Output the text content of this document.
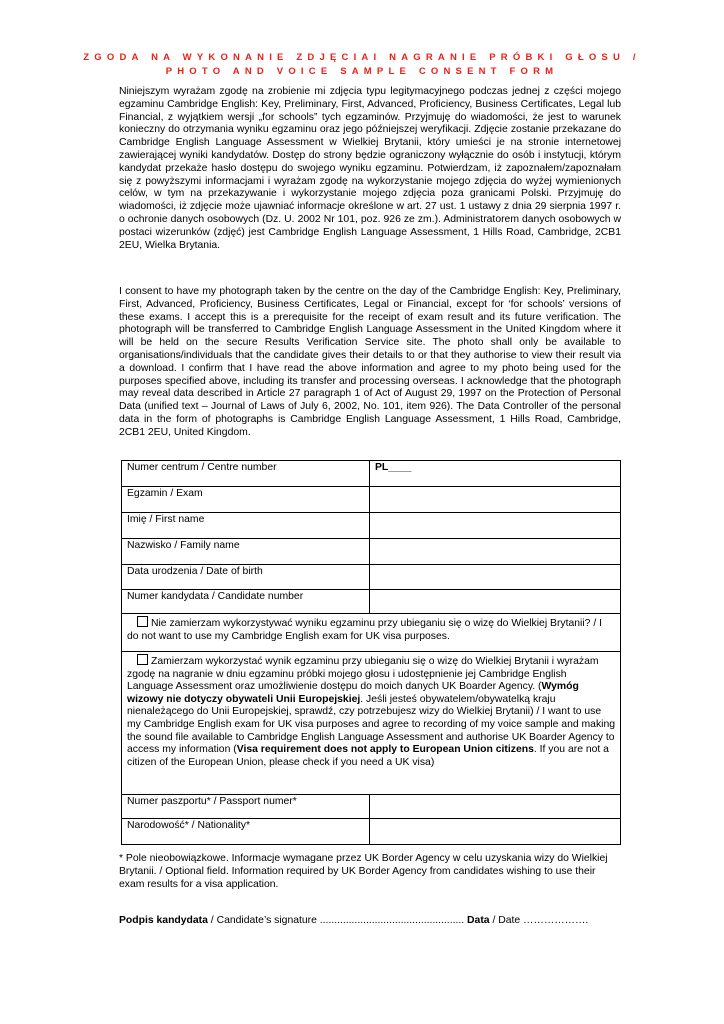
ZGODA NA WYKONANIE ZDJĘCIAI NAGRANIE PRÓBKI GŁOSU /
PHOTO AND VOICE SAMPLE CONSENT FORM

Niniejszym wyrażam zgodę na zrobienie mi zdjęcia typu legitymacyjnego podczas jednej z części mojego egzaminu Cambridge English: Key, Preliminary, First, Advanced, Proficiency, Business Certificates, Legal lub Financial, z wyjątkiem wersji „for schools” tych egzaminów. Przyjmuję do wiadomości, że jest to warunek konieczny do otrzymania wyniku egzaminu oraz jego późniejszej weryfikacji. Zdjęcie zostanie przekazane do Cambridge English Language Assessment w Wielkiej Brytanii, który umieści je na stronie internetowej zawierającej wyniki kandydatów. Dostęp do strony będzie ograniczony wyłącznie do osób i instytucji, którym kandydat przekaże hasło dostępu do swojego wyniku egzaminu. Potwierdzam, iż zapoznałem/zapoznałam się z powyższymi informacjami i wyrażam zgodę na wykorzystanie mojego zdjęcia do wyżej wymienionych celów, w tym na przekazywanie i wykorzystanie mojego zdjęcia poza granicami Polski. Przyjmuję do wiadomości, iż zdjęcie może ujawniać informacje określone w art. 27 ust. 1 ustawy z dnia 29 sierpnia 1997 r. o ochronie danych osobowych (Dz. U. 2002 Nr 101, poz. 926 ze zm.). Administratorem danych osobowych w postaci wizerunków (zdjęć) jest Cambridge English Language Assessment, 1 Hills Road, Cambridge, 2CB1 2EU, Wielka Brytania.

I consent to have my photograph taken by the centre on the day of the Cambridge English: Key, Preliminary, First, Advanced, Proficiency, Business Certificates, Legal or Financial, except for ‘for schools’ versions of these exams. I accept this is a prerequisite for the receipt of exam result and its future verification. The photograph will be transferred to Cambridge English Language Assessment in the United Kingdom where it will be held on the secure Results Verification Service site. The photo shall only be available to organisations/individuals that the candidate gives their details to or that they authorise to view their result via a download. I confirm that I have read the above information and agree to my photo being used for the purposes specified above, including its transfer and processing overseas. I acknowledge that the photograph may reveal data described in Article 27 paragraph 1 of Act of August 29, 1997 on the Protection of Personal Data (unified text – Journal of Laws of July 6, 2002, No. 101, item 926). The Data Controller of the personal data in the form of photographs is Cambridge English Language Assessment, 1 Hills Road, Cambridge, 2CB1 2EU, United Kingdom.

Numer centrum / Centre number	PL____
Egzamin / Exam	
Imię / First name	
Nazwisko / Family name	
Data urodzenia / Date of birth	
Numer kandydata / Candidate number	
Nie zamierzam wykorzystywać wyniku egzaminu przy ubieganiu się o wizę do Wielkiej Brytanii? / I do not want to use my Cambridge English exam for UK visa purposes.	
Zamierzam wykorzystać wynik egzaminu przy ubieganiu się o wizę do Wielkiej Brytanii i wyrażam zgodę na nagranie w dniu egzaminu próbki mojego głosu i udostępnienie jej Cambridge English Language Assessment oraz umożliwienie dostępu do moich danych UK Boarder Agency. (Wymóg wizowy nie dotyczy obywateli Unii Europejskiej. Jeśli jesteś obywatelem/obywatelką kraju nienależącego do Unii Europejskiej, sprawdź, czy potrzebujesz wizy do Wielkiej Brytanii) / I want to use my Cambridge English exam for UK visa purposes and agree to recording of my voice sample and making the sound file available to Cambridge English Language Assessment and authorise UK Boarder Agency to access my information (Visa requirement does not apply to European Union citizens. If you are not a citizen of the European Union, please check if you need a UK visa)	
Numer paszportu* / Passport numer*	
Narodowość* / Nationality*	

* Pole nieobowiązkowe. Informacje wymagane przez UK Border Agency w celu uzyskania wizy do Wielkiej Brytanii. / Optional field. Information required by UK Border Agency from candidates wishing to use their exam results for a visa application.

Podpis kandydata / Candidate’s signature .................................................. Data / Date ……………….
